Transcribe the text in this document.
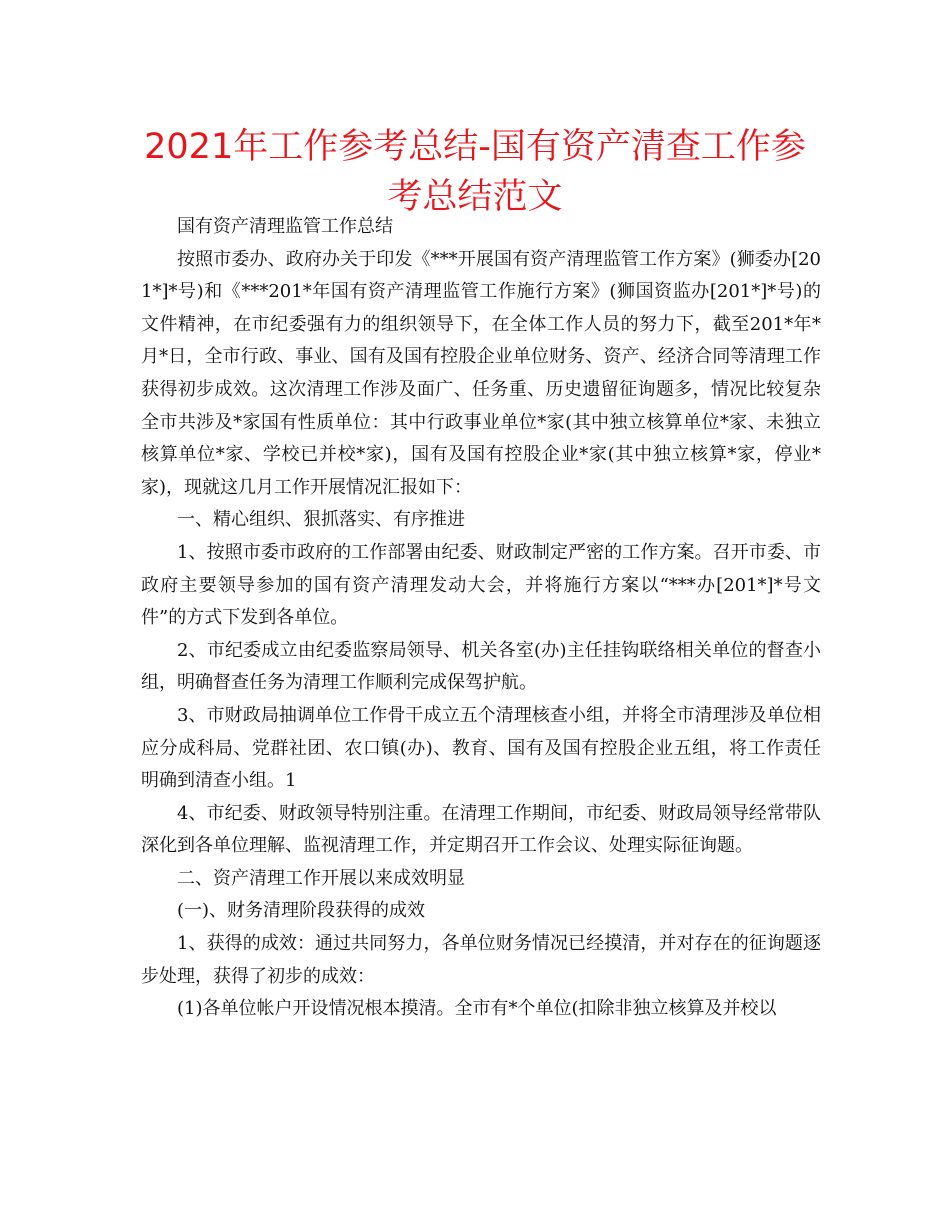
2021年工作参考总结-国有资产清查工作参考总结范文

国有资产清理监管工作总结

按照市委办、政府办关于印发《***开展国有资产清理监管工作方案》(狮委办[201*]*号)和《***201*年国有资产清理监管工作施行方案》(狮国资监办[201*]*号)的文件精神，在市纪委强有力的组织领导下，在全体工作人员的努力下，截至201*年*月*日，全市行政、事业、国有及国有控股企业单位财务、资产、经济合同等清理工作获得初步成效。这次清理工作涉及面广、任务重、历史遗留征询题多，情况比较复杂全市共涉及*家国有性质单位：其中行政事业单位*家(其中独立核算单位*家、未独立核算单位*家、学校已并校*家)，国有及国有控股企业*家(其中独立核算*家，停业*家)，现就这几月工作开展情况汇报如下：

一、精心组织、狠抓落实、有序推进

1、按照市委市政府的工作部署由纪委、财政制定严密的工作方案。召开市委、市政府主要领导参加的国有资产清理发动大会，并将施行方案以“***办[201*]*号文件”的方式下发到各单位。

2、市纪委成立由纪委监察局领导、机关各室(办)主任挂钩联络相关单位的督查小组，明确督查任务为清理工作顺利完成保驾护航。

3、市财政局抽调单位工作骨干成立五个清理核查小组，并将全市清理涉及单位相应分成科局、党群社团、农口镇(办)、教育、国有及国有控股企业五组，将工作责任明确到清查小组。1

4、市纪委、财政领导特别注重。在清理工作期间，市纪委、财政局领导经常带队深化到各单位理解、监视清理工作，并定期召开工作会议、处理实际征询题。

二、资产清理工作开展以来成效明显

(一)、财务清理阶段获得的成效

1、获得的成效：通过共同努力，各单位财务情况已经摸清，并对存在的征询题逐步处理，获得了初步的成效：

(1)各单位帐户开设情况根本摸清。全市有*个单位(扣除非独立核算及并校以
